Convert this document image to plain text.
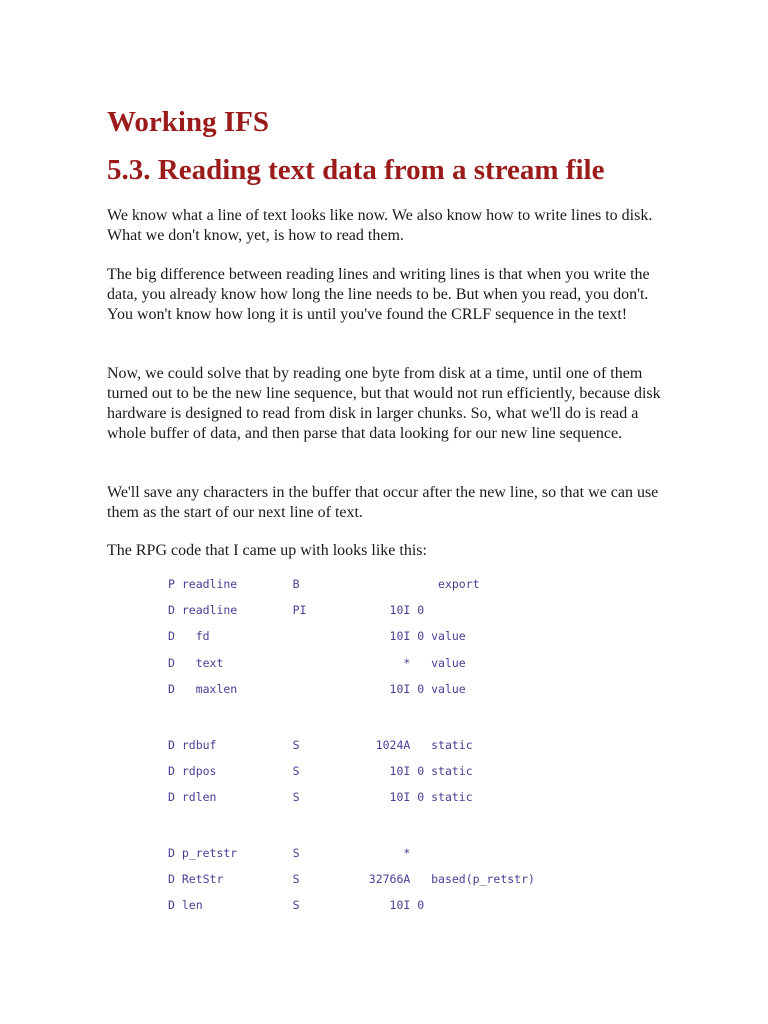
Working IFS
5.3. Reading text data from a stream file

We know what a line of text looks like now. We also know how to write lines to disk. What we don't know, yet, is how to read them.

The big difference between reading lines and writing lines is that when you write the data, you already know how long the line needs to be. But when you read, you don't. You won't know how long it is until you've found the CRLF sequence in the text!

Now, we could solve that by reading one byte from disk at a time, until one of them turned out to be the new line sequence, but that would not run efficiently, because disk hardware is designed to read from disk in larger chunks. So, what we'll do is read a whole buffer of data, and then parse that data looking for our new line sequence.

We'll save any characters in the buffer that occur after the new line, so that we can use them as the start of our next line of text.

The RPG code that I came up with looks like this:

P readline        B                    export
D readline        PI            10I 0
D   fd                          10I 0 value
D   text                          *   value
D   maxlen                      10I 0 value
D rdbuf           S           1024A   static
D rdpos           S             10I 0 static
D rdlen           S             10I 0 static
D p_retstr        S               *
D RetStr          S          32766A   based(p_retstr)
D len             S             10I 0
